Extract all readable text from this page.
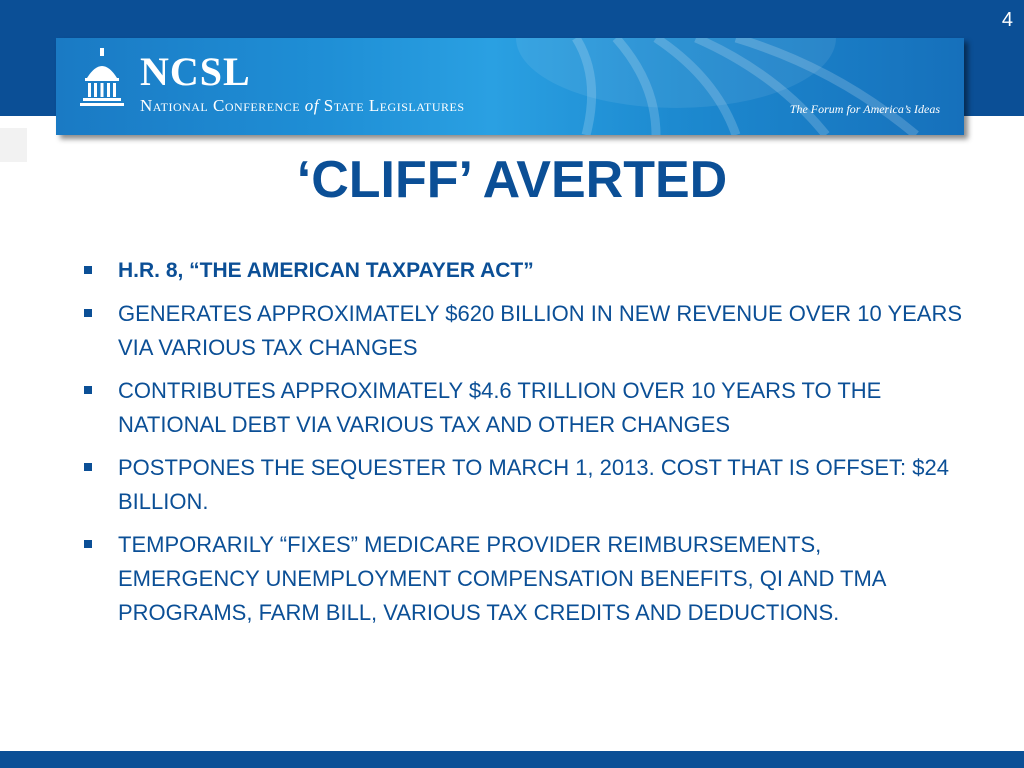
4
NCSL
National Conference of State Legislatures	The Forum for America’s Ideas
‘CLIFF’ AVERTED
H.R. 8, “THE AMERICAN TAXPAYER ACT”
GENERATES APPROXIMATELY $620 BILLION IN NEW REVENUE OVER 10 YEARS VIA VARIOUS TAX CHANGES
CONTRIBUTES APPROXIMATELY $4.6 TRILLION OVER 10 YEARS TO THE NATIONAL DEBT VIA VARIOUS TAX AND OTHER CHANGES
POSTPONES THE SEQUESTER TO MARCH 1, 2013. COST THAT IS OFFSET: $24 BILLION.
TEMPORARILY “FIXES” MEDICARE PROVIDER REIMBURSEMENTS, EMERGENCY UNEMPLOYMENT COMPENSATION BENEFITS, QI AND TMA PROGRAMS, FARM BILL, VARIOUS TAX CREDITS AND DEDUCTIONS.
